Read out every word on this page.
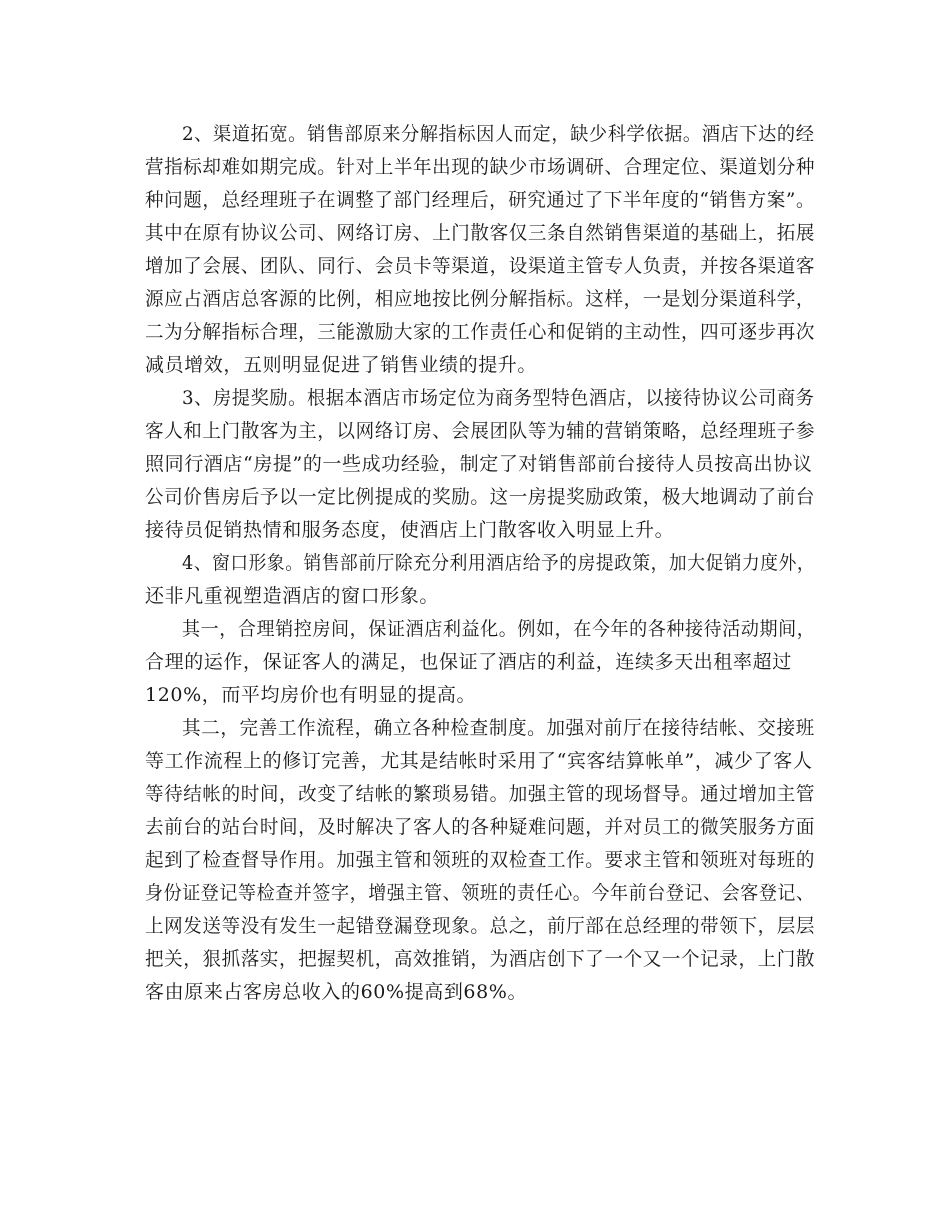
2、渠道拓宽。销售部原来分解指标因人而定，缺少科学依据。酒店下达的经
营指标却难如期完成。针对上半年出现的缺少市场调研、合理定位、渠道划分种
种问题，总经理班子在调整了部门经理后，研究通过了下半年度的“销售方案”。
其中在原有协议公司、网络订房、上门散客仅三条自然销售渠道的基础上，拓展
增加了会展、团队、同行、会员卡等渠道，设渠道主管专人负责，并按各渠道客
源应占酒店总客源的比例，相应地按比例分解指标。这样，一是划分渠道科学，
二为分解指标合理，三能激励大家的工作责任心和促销的主动性，四可逐步再次
减员增效，五则明显促进了销售业绩的提升。
3、房提奖励。根据本酒店市场定位为商务型特色酒店，以接待协议公司商务
客人和上门散客为主，以网络订房、会展团队等为辅的营销策略，总经理班子参
照同行酒店“房提”的一些成功经验，制定了对销售部前台接待人员按高出协议
公司价售房后予以一定比例提成的奖励。这一房提奖励政策，极大地调动了前台
接待员促销热情和服务态度，使酒店上门散客收入明显上升。
4、窗口形象。销售部前厅除充分利用酒店给予的房提政策，加大促销力度外，
还非凡重视塑造酒店的窗口形象。
其一，合理销控房间，保证酒店利益化。例如，在今年的各种接待活动期间，
合理的运作，保证客人的满足，也保证了酒店的利益，连续多天出租率超过
120%，而平均房价也有明显的提高。
其二，完善工作流程，确立各种检查制度。加强对前厅在接待结帐、交接班
等工作流程上的修订完善，尤其是结帐时采用了“宾客结算帐单”，减少了客人
等待结帐的时间，改变了结帐的繁琐易错。加强主管的现场督导。通过增加主管
去前台的站台时间，及时解决了客人的各种疑难问题，并对员工的微笑服务方面
起到了检查督导作用。加强主管和领班的双检查工作。要求主管和领班对每班的
身份证登记等检查并签字，增强主管、领班的责任心。今年前台登记、会客登记、
上网发送等没有发生一起错登漏登现象。总之，前厅部在总经理的带领下，层层
把关，狠抓落实，把握契机，高效推销，为酒店创下了一个又一个记录，上门散
客由原来占客房总收入的60%提高到68%。
